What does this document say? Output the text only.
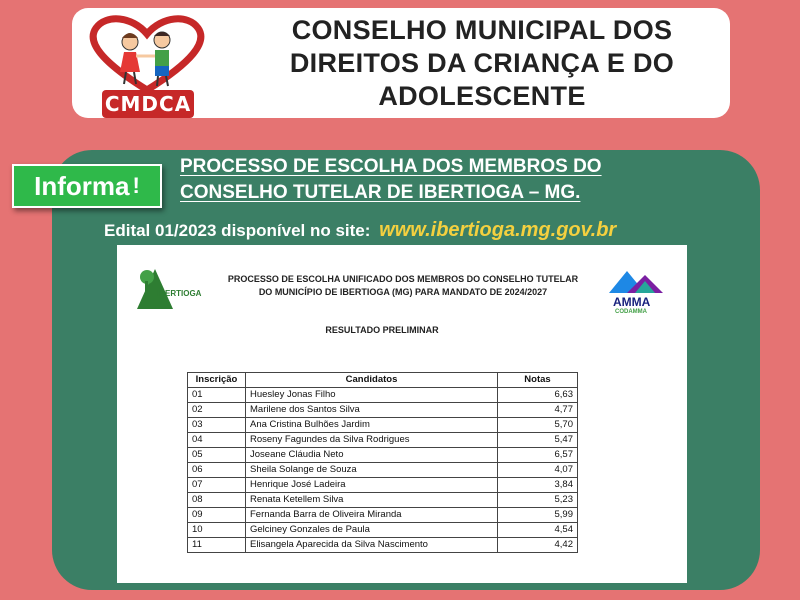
CMDCA
CONSELHO MUNICIPAL DOS
DIREITOS DA CRIANÇA E DO
ADOLESCENTE
Informa !
PROCESSO DE ESCOLHA DOS MEMBROS DO
CONSELHO TUTELAR DE IBERTIOGA – MG.
Edital 01/2023 disponível no site: www.ibertioga.mg.gov.br
IBERTIOGA
PROCESSO DE ESCOLHA UNIFICADO DOS MEMBROS DO CONSELHO TUTELAR
DO MUNICÍPIO DE IBERTIOGA (MG) PARA MANDATO DE 2024/2027
AMMA
CODAMMA
RESULTADO PRELIMINAR
Inscrição	Candidatos	Notas
01	Huesley Jonas Filho	6,63
02	Marilene dos Santos Silva	4,77
03	Ana Cristina Bulhões Jardim	5,70
04	Roseny Fagundes da Silva Rodrigues	5,47
05	Joseane Cláudia Neto	6,57
06	Sheila Solange de Souza	4,07
07	Henrique José Ladeira	3,84
08	Renata Ketellem Silva	5,23
09	Fernanda Barra de Oliveira Miranda	5,99
10	Gelciney Gonzales de Paula	4,54
11	Elisangela Aparecida da Silva Nascimento	4,42
